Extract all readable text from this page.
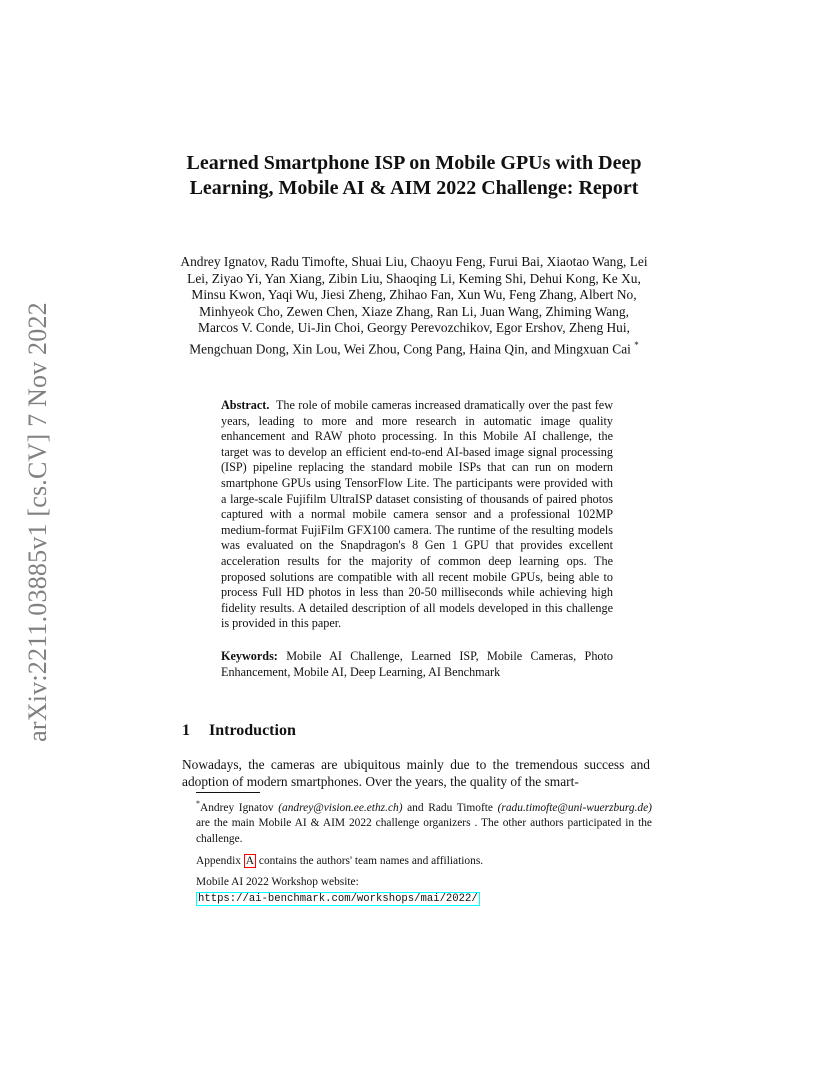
arXiv:2211.03885v1 [cs.CV] 7 Nov 2022
Learned Smartphone ISP on Mobile GPUs with Deep Learning, Mobile AI & AIM 2022 Challenge: Report

Andrey Ignatov, Radu Timofte, Shuai Liu, Chaoyu Feng, Furui Bai, Xiaotao Wang, Lei Lei, Ziyao Yi, Yan Xiang, Zibin Liu, Shaoqing Li, Keming Shi, Dehui Kong, Ke Xu, Minsu Kwon, Yaqi Wu, Jiesi Zheng, Zhihao Fan, Xun Wu, Feng Zhang, Albert No, Minhyeok Cho, Zewen Chen, Xiaze Zhang, Ran Li, Juan Wang, Zhiming Wang, Marcos V. Conde, Ui-Jin Choi, Georgy Perevozchikov, Egor Ershov, Zheng Hui, Mengchuan Dong, Xin Lou, Wei Zhou, Cong Pang, Haina Qin, and Mingxuan Cai *

Abstract. The role of mobile cameras increased dramatically over the past few years, leading to more and more research in automatic image quality enhancement and RAW photo processing. In this Mobile AI challenge, the target was to develop an efficient end-to-end AI-based image signal processing (ISP) pipeline replacing the standard mobile ISPs that can run on modern smartphone GPUs using TensorFlow Lite. The participants were provided with a large-scale Fujifilm UltraISP dataset consisting of thousands of paired photos captured with a normal mobile camera sensor and a professional 102MP medium-format FujiFilm GFX100 camera. The runtime of the resulting models was evaluated on the Snapdragon's 8 Gen 1 GPU that provides excellent acceleration results for the majority of common deep learning ops. The proposed solutions are compatible with all recent mobile GPUs, being able to process Full HD photos in less than 20-50 milliseconds while achieving high fidelity results. A detailed description of all models developed in this challenge is provided in this paper.

Keywords: Mobile AI Challenge, Learned ISP, Mobile Cameras, Photo Enhancement, Mobile AI, Deep Learning, AI Benchmark

1 Introduction

Nowadays, the cameras are ubiquitous mainly due to the tremendous success and adoption of modern smartphones. Over the years, the quality of the smart-

*Andrey Ignatov (andrey@vision.ee.ethz.ch) and Radu Timofte (radu.timofte@uni-wuerzburg.de) are the main Mobile AI & AIM 2022 challenge organizers . The other authors participated in the challenge.

Appendix A contains the authors' team names and affiliations.

Mobile AI 2022 Workshop website:
https://ai-benchmark.com/workshops/mai/2022/
